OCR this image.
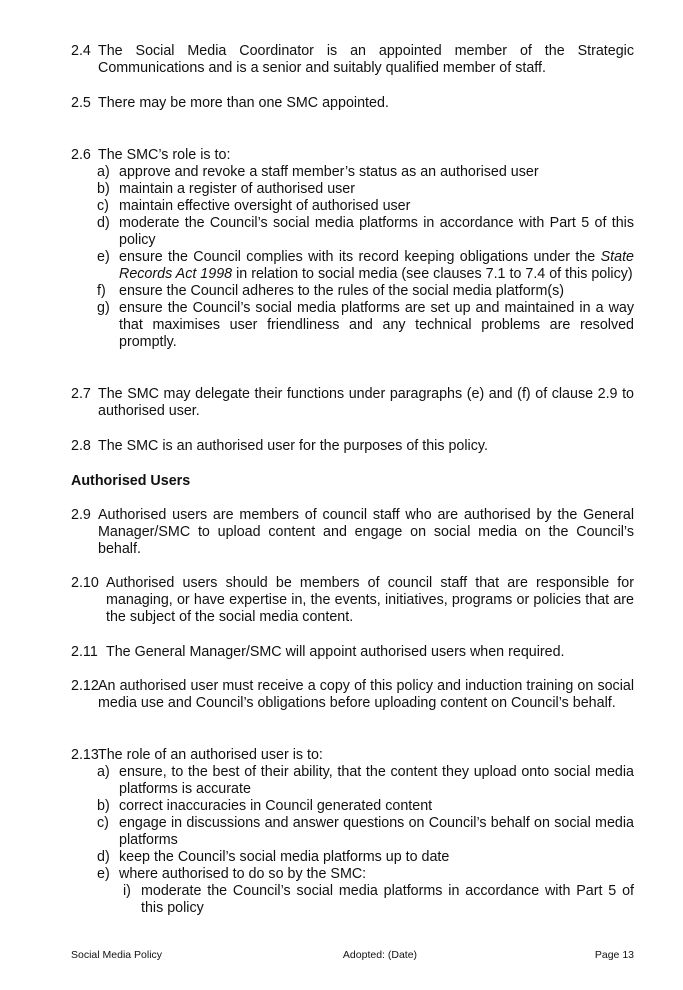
2.4 The Social Media Coordinator is an appointed member of the Strategic Communications and is a senior and suitably qualified member of staff.
2.5 There may be more than one SMC appointed.
2.6 The SMC’s role is to:
a) approve and revoke a staff member’s status as an authorised user
b) maintain a register of authorised user
c) maintain effective oversight of authorised user
d) moderate the Council’s social media platforms in accordance with Part 5 of this policy
e) ensure the Council complies with its record keeping obligations under the State Records Act 1998 in relation to social media (see clauses 7.1 to 7.4 of this policy)
f) ensure the Council adheres to the rules of the social media platform(s)
g) ensure the Council’s social media platforms are set up and maintained in a way that maximises user friendliness and any technical problems are resolved promptly.
2.7 The SMC may delegate their functions under paragraphs (e) and (f) of clause 2.9 to authorised user.
2.8 The SMC is an authorised user for the purposes of this policy.
Authorised Users
2.9 Authorised users are members of council staff who are authorised by the General Manager/SMC to upload content and engage on social media on the Council’s behalf.
2.10 Authorised users should be members of council staff that are responsible for managing, or have expertise in, the events, initiatives, programs or policies that are the subject of the social media content.
2.11 The General Manager/SMC will appoint authorised users when required.
2.12 An authorised user must receive a copy of this policy and induction training on social media use and Council’s obligations before uploading content on Council’s behalf.
2.13 The role of an authorised user is to:
a) ensure, to the best of their ability, that the content they upload onto social media platforms is accurate
b) correct inaccuracies in Council generated content
c) engage in discussions and answer questions on Council’s behalf on social media platforms
d) keep the Council’s social media platforms up to date
e) where authorised to do so by the SMC:
i) moderate the Council’s social media platforms in accordance with Part 5 of this policy
Social Media Policy	Adopted: (Date)	Page 13
